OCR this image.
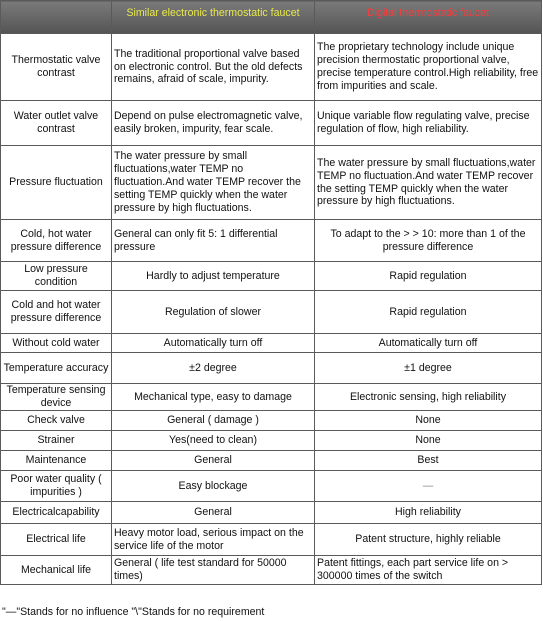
	Similar electronic thermostatic faucet	Digital thermostatic faucet
Thermostatic valve contrast	The traditional proportional valve based on electronic control. But the old defects remains, afraid of scale, impurity.	The proprietary technology include unique precision thermostatic proportional valve, precise temperature control.High reliability, free from impurities and scale.
Water outlet valve contrast	Depend on pulse electromagnetic valve, easily broken, impurity, fear scale.	Unique variable flow regulating valve, precise regulation of flow, high reliability.
Pressure fluctuation	The water pressure by small fluctuations,water TEMP no fluctuation.And water TEMP recover the setting TEMP quickly when the water pressure by high fluctuations.	The water pressure by small fluctuations,water TEMP no fluctuation.And water TEMP recover the setting TEMP quickly when the water pressure by high fluctuations.
Cold, hot water pressure difference	General can only fit 5: 1 differential pressure	To adapt to the > > 10: more than 1 of the pressure difference
Low pressure condition	Hardly to adjust temperature	Rapid regulation
Cold and hot water pressure difference	Regulation of slower	Rapid regulation
Without cold water	Automatically turn off	Automatically turn off
Temperature accuracy	±2 degree	±1 degree
Temperature sensing device	Mechanical type, easy to damage	Electronic sensing, high reliability
Check valve	General ( damage )	None
Strainer	Yes(need to clean)	None
Maintenance	General	Best
Poor water quality ( impurities )	Easy blockage	—
Electricalcapability	General	High reliability
Electrical life	Heavy motor load, serious impact on the service life of the motor	Patent structure, highly reliable
Mechanical life	General ( life test standard for 50000 times)	Patent fittings, each part service life on > 300000 times of the switch
"—"Stands for no influence "\"Stands for no requirement
